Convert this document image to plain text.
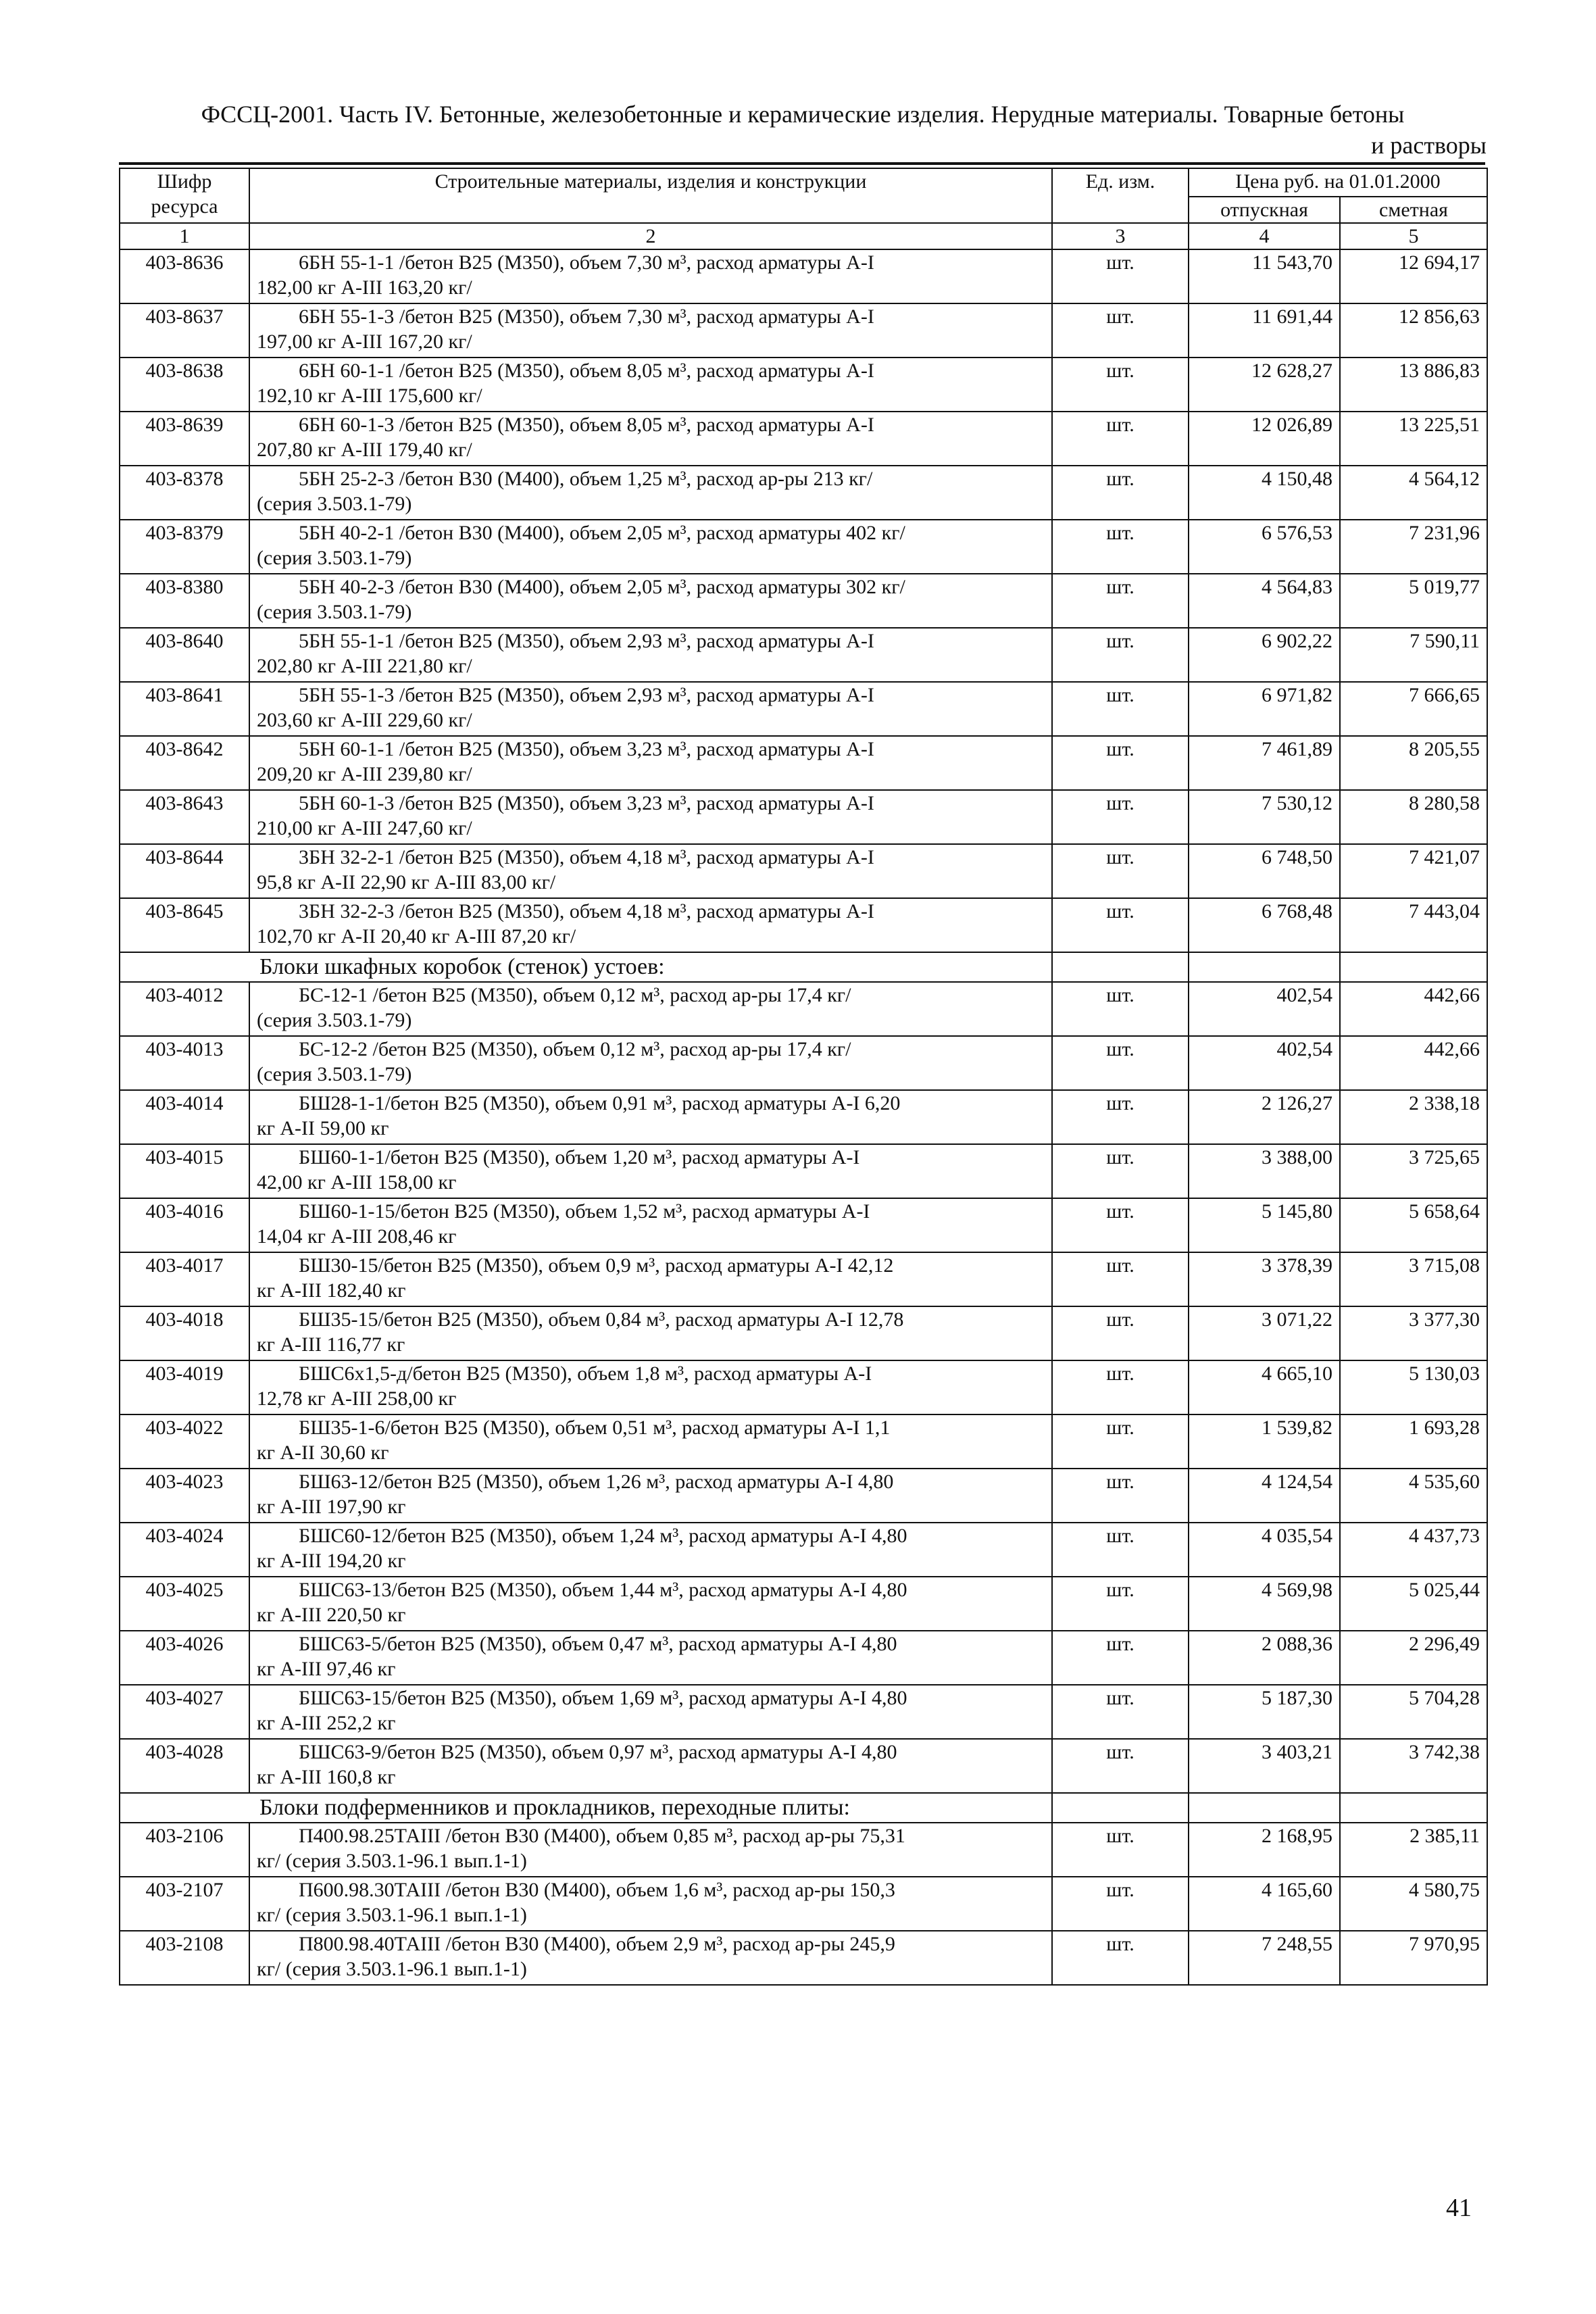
ФССЦ-2001. Часть IV. Бетонные, железобетонные и керамические изделия. Нерудные материалы. Товарные бетоны
и растворы
Шифр ресурса	Строительные материалы, изделия и конструкции	Ед. изм.	Цена руб. на 01.01.2000	
			отпускная	сметная
1	2	3	4	5
403-8636	6БН 55-1-1 /бетон В25 (М350), объем 7,30 м³, расход арматуры А-I
182,00 кг А-III 163,20 кг/	шт.	11 543,70	12 694,17
403-8637	6БН 55-1-3 /бетон В25 (М350), объем 7,30 м³, расход арматуры А-I
197,00 кг А-III 167,20 кг/	шт.	11 691,44	12 856,63
403-8638	6БН 60-1-1 /бетон В25 (М350), объем 8,05 м³, расход арматуры А-I
192,10 кг А-III 175,600 кг/	шт.	12 628,27	13 886,83
403-8639	6БН 60-1-3 /бетон В25 (М350), объем 8,05 м³, расход арматуры А-I
207,80 кг А-III 179,40 кг/	шт.	12 026,89	13 225,51
403-8378	5БН 25-2-3 /бетон В30 (М400), объем 1,25 м³, расход ар-ры 213 кг/
(серия 3.503.1-79)	шт.	4 150,48	4 564,12
403-8379	5БН 40-2-1 /бетон В30 (М400), объем 2,05 м³, расход арматуры 402 кг/
(серия 3.503.1-79)	шт.	6 576,53	7 231,96
403-8380	5БН 40-2-3 /бетон В30 (М400), объем 2,05 м³, расход арматуры 302 кг/
(серия 3.503.1-79)	шт.	4 564,83	5 019,77
403-8640	5БН 55-1-1 /бетон В25 (М350), объем 2,93 м³, расход арматуры А-I
202,80 кг А-III 221,80 кг/	шт.	6 902,22	7 590,11
403-8641	5БН 55-1-3 /бетон В25 (М350), объем 2,93 м³, расход арматуры А-I
203,60 кг А-III 229,60 кг/	шт.	6 971,82	7 666,65
403-8642	5БН 60-1-1 /бетон В25 (М350), объем 3,23 м³, расход арматуры А-I
209,20 кг А-III 239,80 кг/	шт.	7 461,89	8 205,55
403-8643	5БН 60-1-3 /бетон В25 (М350), объем 3,23 м³, расход арматуры А-I
210,00 кг А-III 247,60 кг/	шт.	7 530,12	8 280,58
403-8644	3БН 32-2-1 /бетон В25 (М350), объем 4,18 м³, расход арматуры А-I
95,8 кг А-II 22,90 кг А-III 83,00 кг/	шт.	6 748,50	7 421,07
403-8645	3БН 32-2-3 /бетон В25 (М350), объем 4,18 м³, расход арматуры А-I
102,70 кг А-II 20,40 кг А-III 87,20 кг/	шт.	6 768,48	7 443,04
Блоки шкафных коробок (стенок) устоев:				
403-4012	БС-12-1 /бетон В25 (М350), объем 0,12 м³, расход ар-ры 17,4 кг/
(серия 3.503.1-79)	шт.	402,54	442,66
403-4013	БС-12-2 /бетон В25 (М350), объем 0,12 м³, расход ар-ры 17,4 кг/
(серия 3.503.1-79)	шт.	402,54	442,66
403-4014	БШ28-1-1/бетон В25 (М350), объем 0,91 м³, расход арматуры А-I 6,20
кг А-II 59,00 кг	шт.	2 126,27	2 338,18
403-4015	БШ60-1-1/бетон В25 (М350), объем 1,20 м³, расход арматуры А-I
42,00 кг А-III 158,00 кг	шт.	3 388,00	3 725,65
403-4016	БШ60-1-15/бетон В25 (М350), объем 1,52 м³, расход арматуры А-I
14,04 кг А-III 208,46 кг	шт.	5 145,80	5 658,64
403-4017	БШ30-15/бетон В25 (М350), объем 0,9 м³, расход арматуры А-I 42,12
кг А-III 182,40 кг	шт.	3 378,39	3 715,08
403-4018	БШ35-15/бетон В25 (М350), объем 0,84 м³, расход арматуры А-I 12,78
кг А-III 116,77 кг	шт.	3 071,22	3 377,30
403-4019	БШС6х1,5-д/бетон В25 (М350), объем 1,8 м³, расход арматуры А-I
12,78 кг А-III 258,00 кг	шт.	4 665,10	5 130,03
403-4022	БШ35-1-6/бетон В25 (М350), объем 0,51 м³, расход арматуры А-I 1,1
кг А-II 30,60 кг	шт.	1 539,82	1 693,28
403-4023	БШ63-12/бетон В25 (М350), объем 1,26 м³, расход арматуры А-I 4,80
кг А-III 197,90 кг	шт.	4 124,54	4 535,60
403-4024	БШС60-12/бетон В25 (М350), объем 1,24 м³, расход арматуры А-I 4,80
кг А-III 194,20 кг	шт.	4 035,54	4 437,73
403-4025	БШС63-13/бетон В25 (М350), объем 1,44 м³, расход арматуры А-I 4,80
кг А-III 220,50 кг	шт.	4 569,98	5 025,44
403-4026	БШС63-5/бетон В25 (М350), объем 0,47 м³, расход арматуры А-I 4,80
кг А-III 97,46 кг	шт.	2 088,36	2 296,49
403-4027	БШС63-15/бетон В25 (М350), объем 1,69 м³, расход арматуры А-I 4,80
кг А-III 252,2 кг	шт.	5 187,30	5 704,28
403-4028	БШС63-9/бетон В25 (М350), объем 0,97 м³, расход арматуры А-I 4,80
кг А-III 160,8 кг	шт.	3 403,21	3 742,38
Блоки подферменников и прокладников, переходные плиты:				
403-2106	П400.98.25ТАIII /бетон В30 (М400), объем 0,85 м³, расход ар-ры 75,31
кг/ (серия 3.503.1-96.1 вып.1-1)	шт.	2 168,95	2 385,11
403-2107	П600.98.30ТАIII /бетон В30 (М400), объем 1,6 м³, расход ар-ры 150,3
кг/ (серия 3.503.1-96.1 вып.1-1)	шт.	4 165,60	4 580,75
403-2108	П800.98.40ТАIII /бетон В30 (М400), объем 2,9 м³, расход ар-ры 245,9
кг/ (серия 3.503.1-96.1 вып.1-1)	шт.	7 248,55	7 970,95
41
